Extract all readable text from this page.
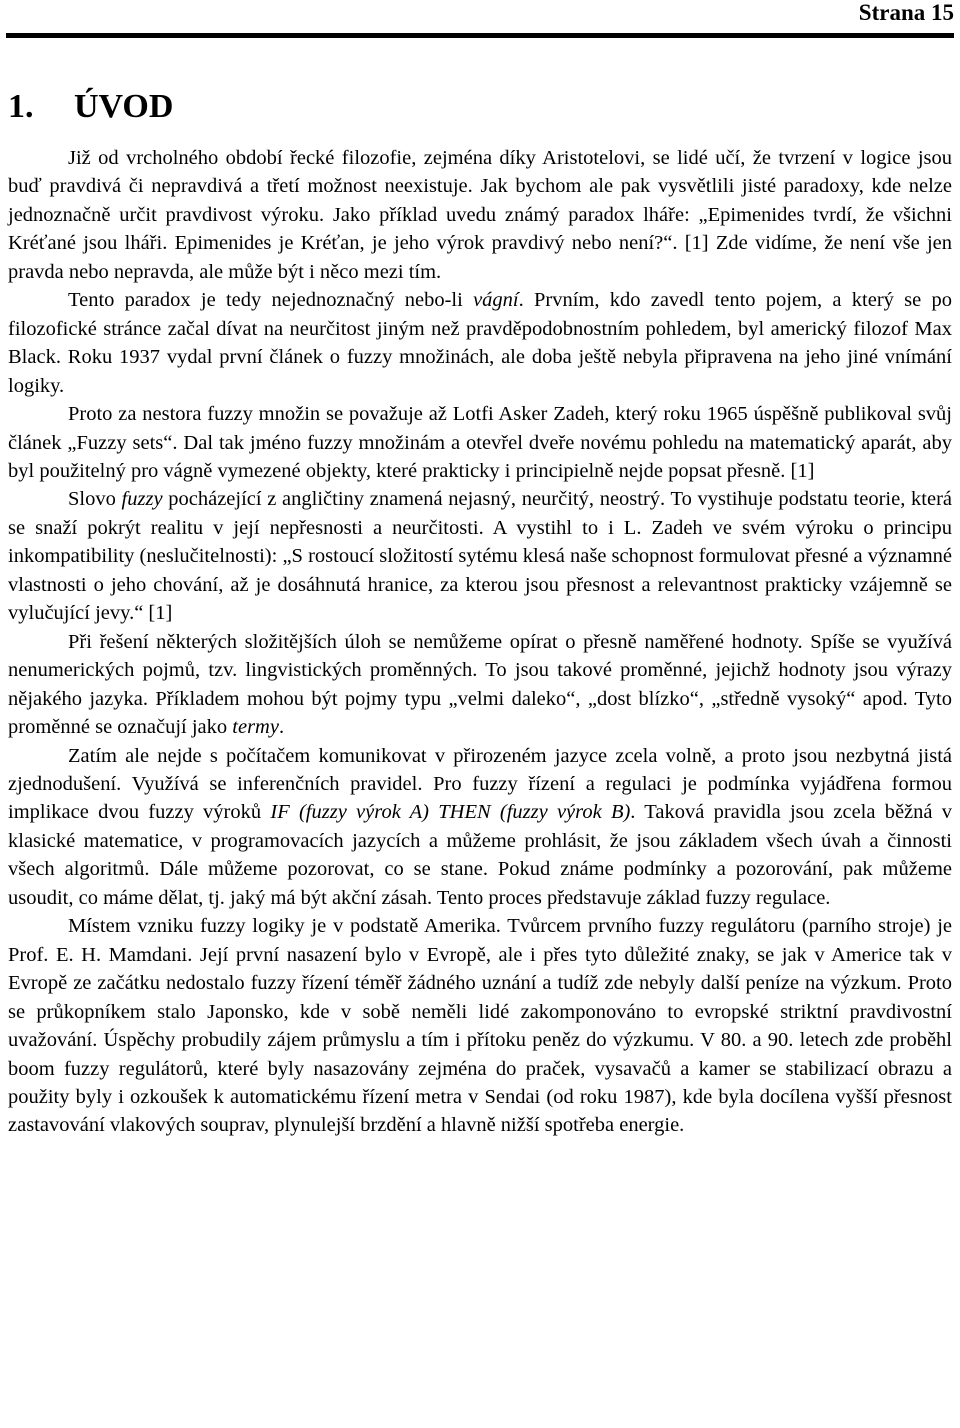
Strana 15
1. ÚVOD

Již od vrcholného období řecké filozofie, zejména díky Aristotelovi, se lidé učí, že tvrzení v logice jsou buď pravdivá či nepravdivá a třetí možnost neexistuje. Jak bychom ale pak vysvětlili jisté paradoxy, kde nelze jednoznačně určit pravdivost výroku. Jako příklad uvedu známý paradox lháře: „Epimenides tvrdí, že všichni Kréťané jsou lháři. Epimenides je Kréťan, je jeho výrok pravdivý nebo není?“. [1] Zde vidíme, že není vše jen pravda nebo nepravda, ale může být i něco mezi tím.

Tento paradox je tedy nejednoznačný nebo-li vágní. Prvním, kdo zavedl tento pojem, a který se po filozofické stránce začal dívat na neurčitost jiným než pravděpodobnostním pohledem, byl americký filozof Max Black. Roku 1937 vydal první článek o fuzzy množinách, ale doba ještě nebyla připravena na jeho jiné vnímání logiky.

Proto za nestora fuzzy množin se považuje až Lotfi Asker Zadeh, který roku 1965 úspěšně publikoval svůj článek „Fuzzy sets“. Dal tak jméno fuzzy množinám a otevřel dveře novému pohledu na matematický aparát, aby byl použitelný pro vágně vymezené objekty, které prakticky i principielně nejde popsat přesně. [1]

Slovo fuzzy pocházející z angličtiny znamená nejasný, neurčitý, neostrý. To vystihuje podstatu teorie, která se snaží pokrýt realitu v její nepřesnosti a neurčitosti. A vystihl to i L. Zadeh ve svém výroku o principu inkompatibility (neslučitelnosti): „S rostoucí složitostí sytému klesá naše schopnost formulovat přesné a významné vlastnosti o jeho chování, až je dosáhnutá hranice, za kterou jsou přesnost a relevantnost prakticky vzájemně se vylučující jevy.“ [1]

Při řešení některých složitějších úloh se nemůžeme opírat o přesně naměřené hodnoty. Spíše se využívá nenumerických pojmů, tzv. lingvistických proměnných. To jsou takové proměnné, jejichž hodnoty jsou výrazy nějakého jazyka. Příkladem mohou být pojmy typu „velmi daleko“, „dost blízko“, „středně vysoký“ apod. Tyto proměnné se označují jako termy.

Zatím ale nejde s počítačem komunikovat v přirozeném jazyce zcela volně, a proto jsou nezbytná jistá zjednodušení. Využívá se inferenčních pravidel. Pro fuzzy řízení a regulaci je podmínka vyjádřena formou implikace dvou fuzzy výroků IF (fuzzy výrok A) THEN (fuzzy výrok B). Taková pravidla jsou zcela běžná v klasické matematice, v programovacích jazycích a můžeme prohlásit, že jsou základem všech úvah a činnosti všech algoritmů. Dále můžeme pozorovat, co se stane. Pokud známe podmínky a pozorování, pak můžeme usoudit, co máme dělat, tj. jaký má být akční zásah. Tento proces představuje základ fuzzy regulace.

Místem vzniku fuzzy logiky je v podstatě Amerika. Tvůrcem prvního fuzzy regulátoru (parního stroje) je Prof. E. H. Mamdani. Její první nasazení bylo v Evropě, ale i přes tyto důležité znaky, se jak v Americe tak v Evropě ze začátku nedostalo fuzzy řízení téměř žádného uznání a tudíž zde nebyly další peníze na výzkum. Proto se průkopníkem stalo Japonsko, kde v sobě neměli lidé zakomponováno to evropské striktní pravdivostní uvažování. Úspěchy probudily zájem průmyslu a tím i přítoku peněz do výzkumu. V 80. a 90. letech zde proběhl boom fuzzy regulátorů, které byly nasazovány zejména do praček, vysavačů a kamer se stabilizací obrazu a použity byly i ozkoušek k automatickému řízení metra v Sendai (od roku 1987), kde byla docílena vyšší přesnost zastavování vlakových souprav, plynulejší brzdění a hlavně nižší spotřeba energie.
